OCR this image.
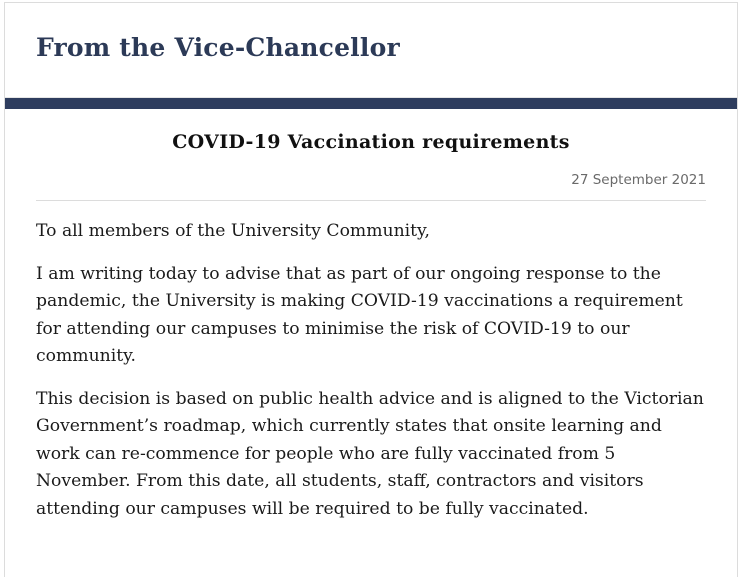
From the Vice-Chancellor
COVID-19 Vaccination requirements
27 September 2021

To all members of the University Community,

I am writing today to advise that as part of our ongoing response to the pandemic, the University is making COVID-19 vaccinations a requirement for attending our campuses to minimise the risk of COVID-19 to our community.

This decision is based on public health advice and is aligned to the Victorian Government’s roadmap, which currently states that onsite learning and work can re-commence for people who are fully vaccinated from 5 November. From this date, all students, staff, contractors and visitors attending our campuses will be required to be fully vaccinated.
